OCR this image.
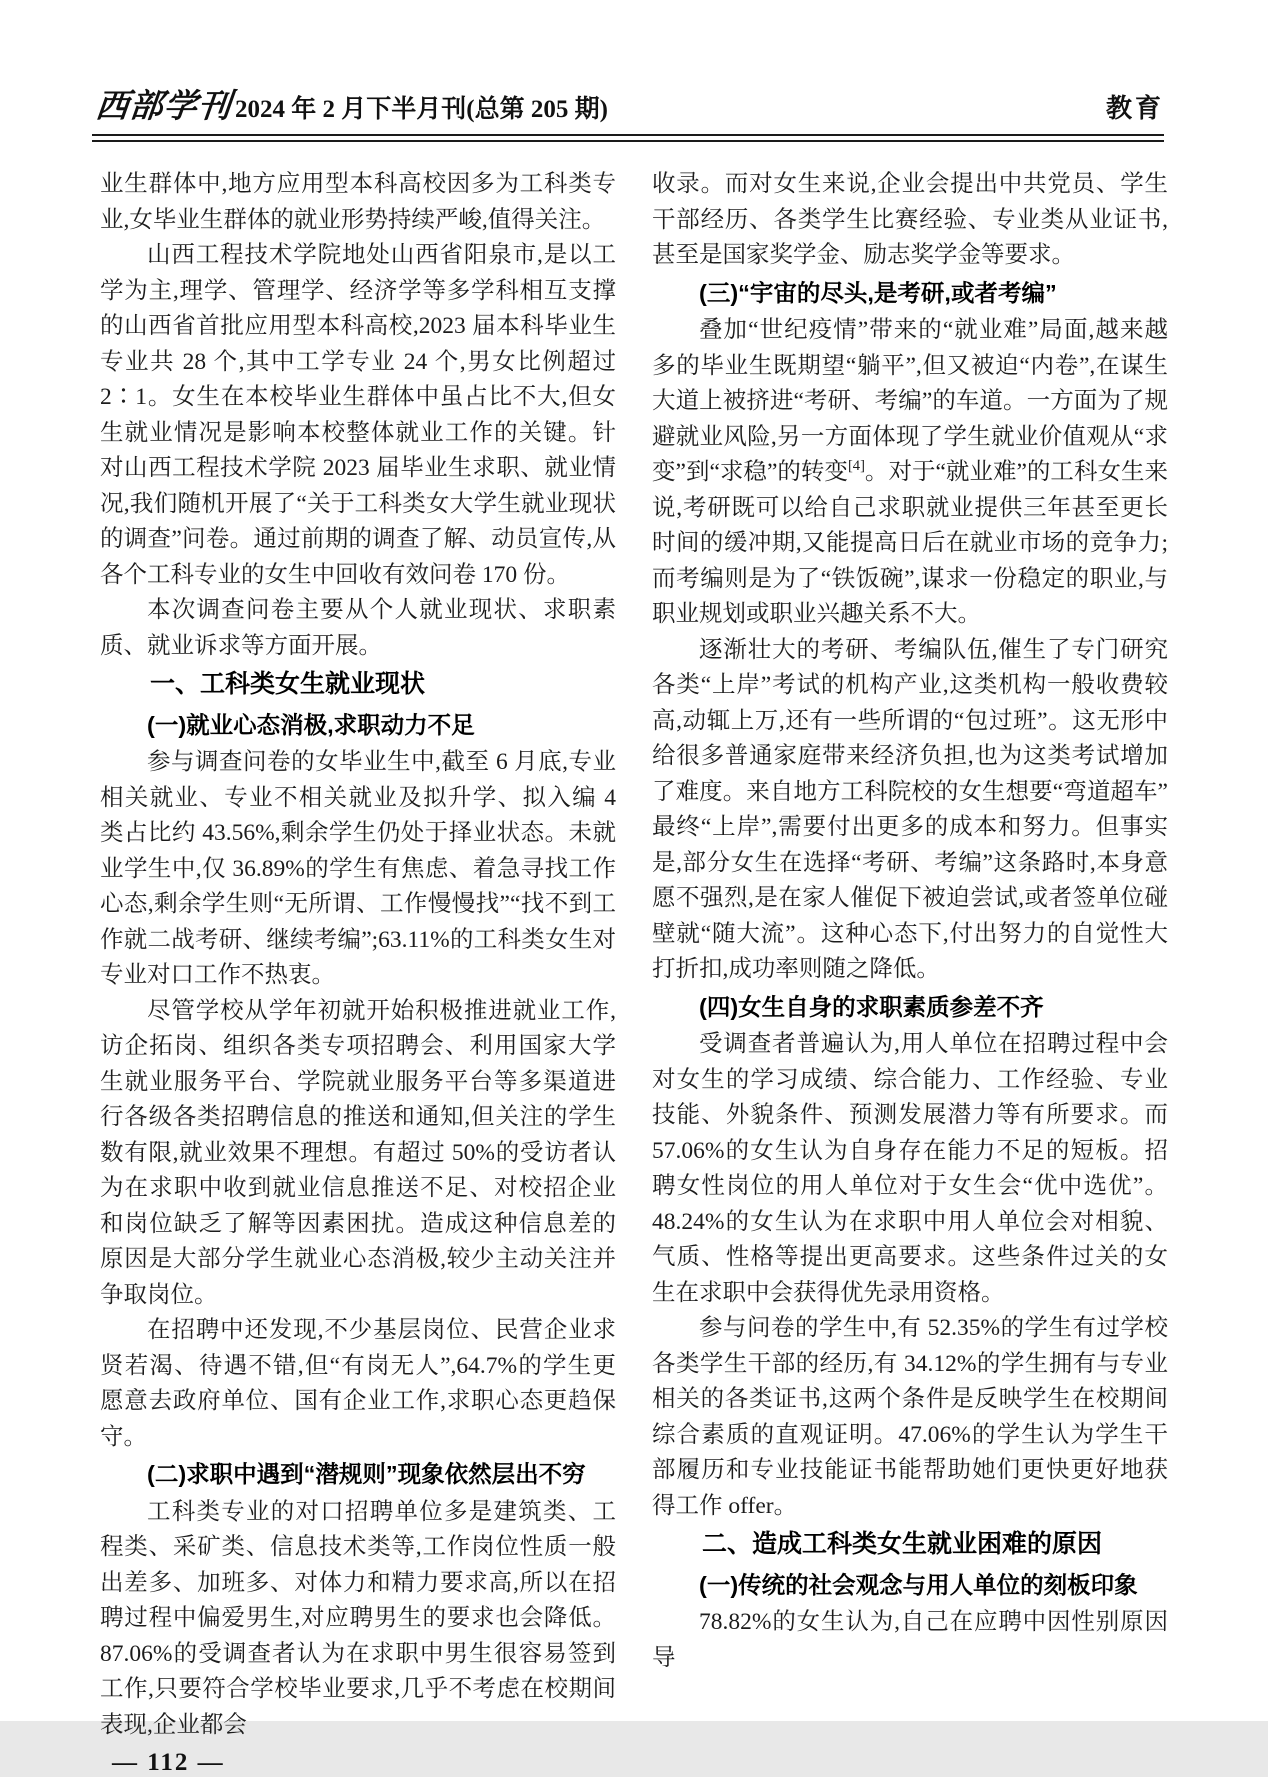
西部学刊 2024 年 2 月下半月刊(总第 205 期)	教育
业生群体中,地方应用型本科高校因多为工科类专业,女毕业生群体的就业形势持续严峻,值得关注。
山西工程技术学院地处山西省阳泉市,是以工学为主,理学、管理学、经济学等多学科相互支撑的山西省首批应用型本科高校,2023 届本科毕业生专业共 28 个,其中工学专业 24 个,男女比例超过 2∶1。女生在本校毕业生群体中虽占比不大,但女生就业情况是影响本校整体就业工作的关键。针对山西工程技术学院 2023 届毕业生求职、就业情况,我们随机开展了“关于工科类女大学生就业现状的调查”问卷。通过前期的调查了解、动员宣传,从各个工科专业的女生中回收有效问卷 170 份。
本次调查问卷主要从个人就业现状、求职素质、就业诉求等方面开展。
一、工科类女生就业现状
(一)就业心态消极,求职动力不足
参与调查问卷的女毕业生中,截至 6 月底,专业相关就业、专业不相关就业及拟升学、拟入编 4 类占比约 43.56%,剩余学生仍处于择业状态。未就业学生中,仅 36.89%的学生有焦虑、着急寻找工作心态,剩余学生则“无所谓、工作慢慢找”“找不到工作就二战考研、继续考编”;63.11%的工科类女生对专业对口工作不热衷。
尽管学校从学年初就开始积极推进就业工作,访企拓岗、组织各类专项招聘会、利用国家大学生就业服务平台、学院就业服务平台等多渠道进行各级各类招聘信息的推送和通知,但关注的学生数有限,就业效果不理想。有超过 50%的受访者认为在求职中收到就业信息推送不足、对校招企业和岗位缺乏了解等因素困扰。造成这种信息差的原因是大部分学生就业心态消极,较少主动关注并争取岗位。
在招聘中还发现,不少基层岗位、民营企业求贤若渴、待遇不错,但“有岗无人”,64.7%的学生更愿意去政府单位、国有企业工作,求职心态更趋保守。
(二)求职中遇到“潜规则”现象依然层出不穷
工科类专业的对口招聘单位多是建筑类、工程类、采矿类、信息技术类等,工作岗位性质一般出差多、加班多、对体力和精力要求高,所以在招聘过程中偏爱男生,对应聘男生的要求也会降低。87.06%的受调查者认为在求职中男生很容易签到工作,只要符合学校毕业要求,几乎不考虑在校期间表现,企业都会
收录。而对女生来说,企业会提出中共党员、学生干部经历、各类学生比赛经验、专业类从业证书,甚至是国家奖学金、励志奖学金等要求。
(三)“宇宙的尽头,是考研,或者考编”
叠加“世纪疫情”带来的“就业难”局面,越来越多的毕业生既期望“躺平”,但又被迫“内卷”,在谋生大道上被挤进“考研、考编”的车道。一方面为了规避就业风险,另一方面体现了学生就业价值观从“求变”到“求稳”的转变[4]。对于“就业难”的工科女生来说,考研既可以给自己求职就业提供三年甚至更长时间的缓冲期,又能提高日后在就业市场的竞争力;而考编则是为了“铁饭碗”,谋求一份稳定的职业,与职业规划或职业兴趣关系不大。
逐渐壮大的考研、考编队伍,催生了专门研究各类“上岸”考试的机构产业,这类机构一般收费较高,动辄上万,还有一些所谓的“包过班”。这无形中给很多普通家庭带来经济负担,也为这类考试增加了难度。来自地方工科院校的女生想要“弯道超车”最终“上岸”,需要付出更多的成本和努力。但事实是,部分女生在选择“考研、考编”这条路时,本身意愿不强烈,是在家人催促下被迫尝试,或者签单位碰壁就“随大流”。这种心态下,付出努力的自觉性大打折扣,成功率则随之降低。
(四)女生自身的求职素质参差不齐
受调查者普遍认为,用人单位在招聘过程中会对女生的学习成绩、综合能力、工作经验、专业技能、外貌条件、预测发展潜力等有所要求。而 57.06%的女生认为自身存在能力不足的短板。招聘女性岗位的用人单位对于女生会“优中选优”。48.24%的女生认为在求职中用人单位会对相貌、气质、性格等提出更高要求。这些条件过关的女生在求职中会获得优先录用资格。
参与问卷的学生中,有 52.35%的学生有过学校各类学生干部的经历,有 34.12%的学生拥有与专业相关的各类证书,这两个条件是反映学生在校期间综合素质的直观证明。47.06%的学生认为学生干部履历和专业技能证书能帮助她们更快更好地获得工作 offer。
二、造成工科类女生就业困难的原因
(一)传统的社会观念与用人单位的刻板印象
78.82%的女生认为,自己在应聘中因性别原因导
— 112 —
